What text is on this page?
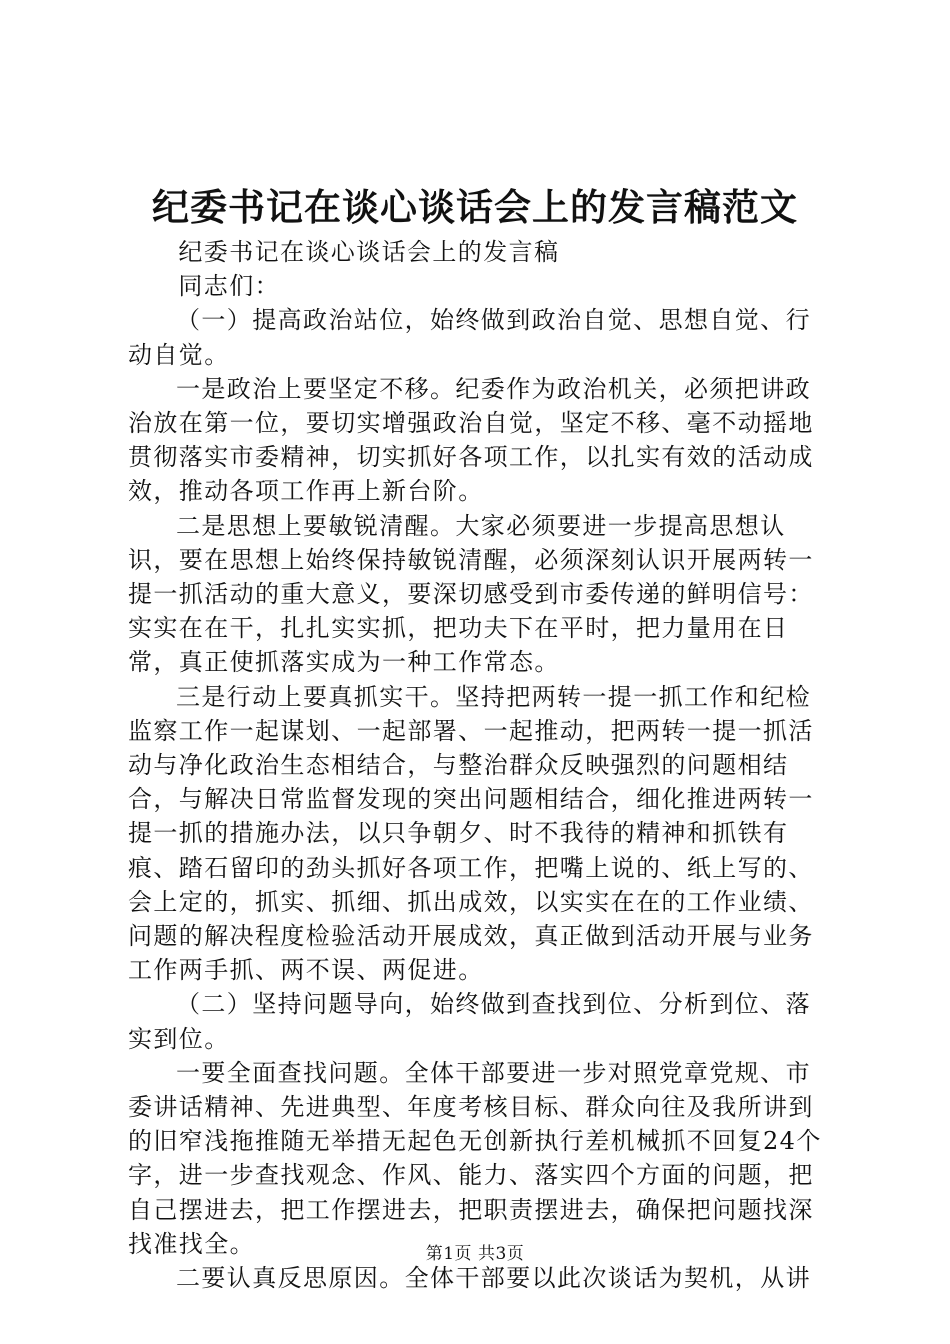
纪委书记在谈心谈话会上的发言稿范文

纪委书记在谈心谈话会上的发言稿

同志们：

（一）提高政治站位，始终做到政治自觉、思想自觉、行动自觉。

一是政治上要坚定不移。纪委作为政治机关，必须把讲政治放在第一位，要切实增强政治自觉，坚定不移、毫不动摇地贯彻落实市委精神，切实抓好各项工作，以扎实有效的活动成效，推动各项工作再上新台阶。

二是思想上要敏锐清醒。大家必须要进一步提高思想认识，要在思想上始终保持敏锐清醒，必须深刻认识开展两转一提一抓活动的重大意义，要深切感受到市委传递的鲜明信号：实实在在干，扎扎实实抓，把功夫下在平时，把力量用在日常，真正使抓落实成为一种工作常态。

三是行动上要真抓实干。坚持把两转一提一抓工作和纪检监察工作一起谋划、一起部署、一起推动，把两转一提一抓活动与净化政治生态相结合，与整治群众反映强烈的问题相结合，与解决日常监督发现的突出问题相结合，细化推进两转一提一抓的措施办法，以只争朝夕、时不我待的精神和抓铁有痕、踏石留印的劲头抓好各项工作，把嘴上说的、纸上写的、会上定的，抓实、抓细、抓出成效，以实实在在的工作业绩、问题的解决程度检验活动开展成效，真正做到活动开展与业务工作两手抓、两不误、两促进。

（二）坚持问题导向，始终做到查找到位、分析到位、落实到位。

一要全面查找问题。全体干部要进一步对照党章党规、市委讲话精神、先进典型、年度考核目标、群众向往及我所讲到的旧窄浅拖推随无举措无起色无创新执行差机械抓不回复24个字，进一步查找观念、作风、能力、落实四个方面的问题，把自己摆进去，把工作摆进去，把职责摆进去，确保把问题找深找准找全。

二要认真反思原因。全体干部要以此次谈话为契机，从讲

第1页 共3页
